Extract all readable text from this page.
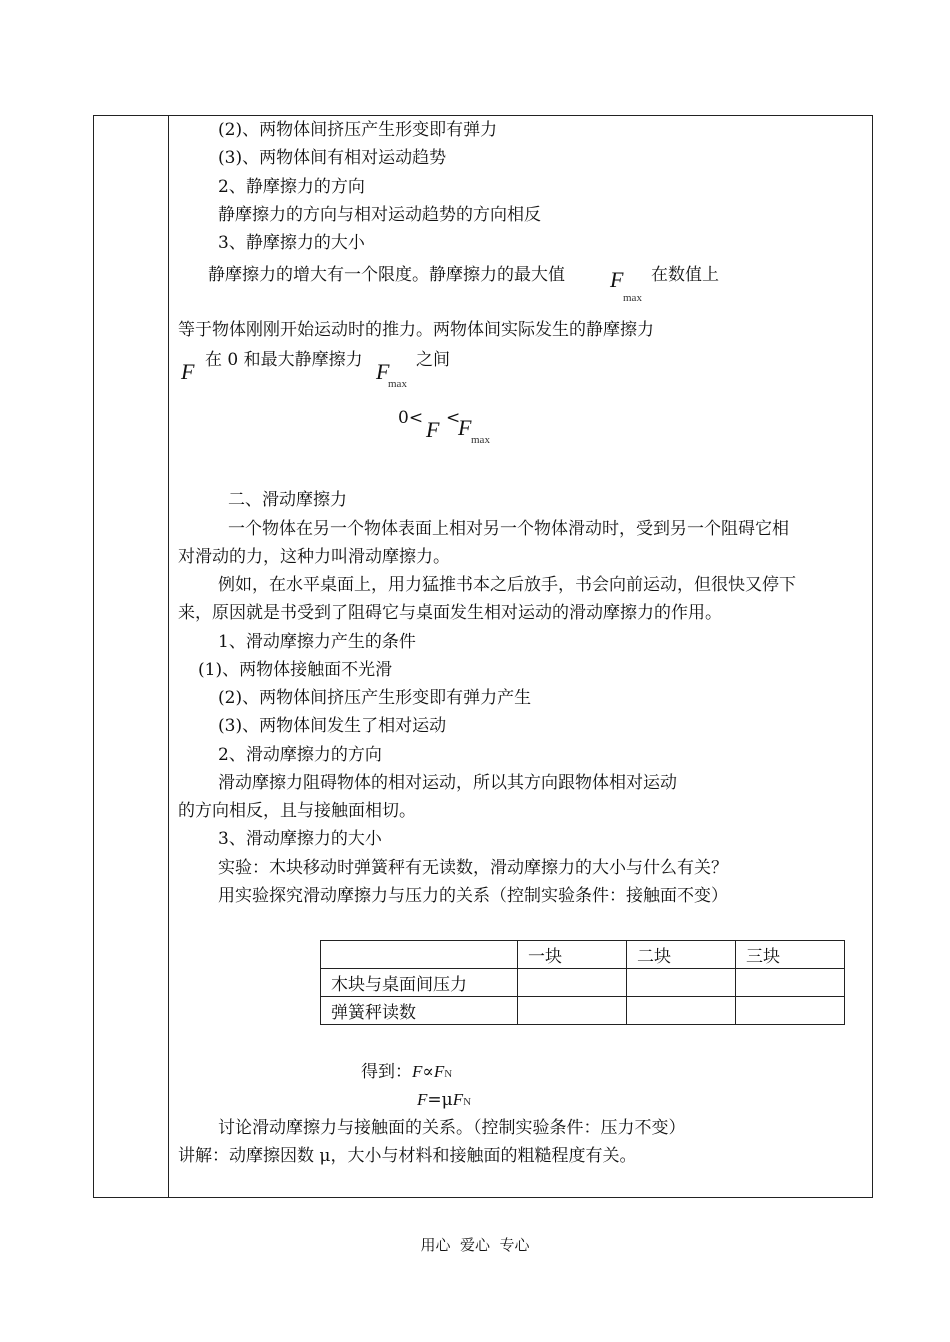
(2)、两物体间挤压产生形变即有弹力
(3)、两物体间有相对运动趋势
2、静摩擦力的方向
静摩擦力的方向与相对运动趋势的方向相反
3、静摩擦力的大小
静摩擦力的增大有一个限度。静摩擦力的最大值 F
max
在数值上
等于物体刚刚开始运动时的推力。两物体间实际发生的静摩擦力
F 在 0 和最大静摩擦力 F
max
之间
0< F <
F max
二、滑动摩擦力
一个物体在另一个物体表面上相对另一个物体滑动时，受到另一个阻碍它相
对滑动的力，这种力叫滑动摩擦力。
例如，在水平桌面上，用力猛推书本之后放手，书会向前运动，但很快又停下
来，原因就是书受到了阻碍它与桌面发生相对运动的滑动摩擦力的作用。
1、滑动摩擦力产生的条件
(1)、两物体接触面不光滑
(2)、两物体间挤压产生形变即有弹力产生
(3)、两物体间发生了相对运动
2、滑动摩擦力的方向
滑动摩擦力阻碍物体的相对运动，所以其方向跟物体相对运动
的方向相反，且与接触面相切。
3、滑动摩擦力的大小
实验：木块移动时弹簧秤有无读数，滑动摩擦力的大小与什么有关？
用实验探究滑动摩擦力与压力的关系（控制实验条件：接触面不变）
	一块	二块	三块
木块与桌面间压力			
弹簧秤读数			
得到：F∝FN
F=μFN
讨论滑动摩擦力与接触面的关系。（控制实验条件：压力不变）
讲解：动摩擦因数 μ，大小与材料和接触面的粗糙程度有关。
用心  爱心  专心
